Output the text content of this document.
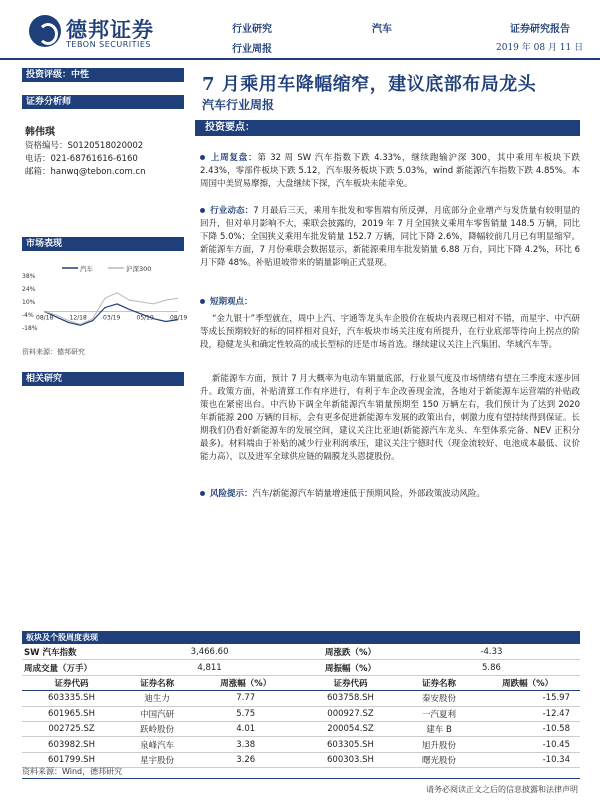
德邦证券
TEBON SECURITIES
行业研究
行业周报
汽车	证券研究报告
2019 年 08 月 11 日
投资评级：中性
证券分析师
韩伟琪
资格编号：S0120518020002
电话：021-68761616-6160
邮箱：hanwq@tebon.com.cn
市场表现
汽车	沪深300
38%
24%
10%
-4%
-18%
08/18	12/18	03/19	05/19	08/19
资料来源：德邦研究
相关研究
7 月乘用车降幅缩窄，建议底部布局龙头
汽车行业周报
投资要点：
上周复盘：第 32 周 SW 汽车指数下跌 4.33%，继续跑输沪深 300，其中乘用车板块下跌 2.43%，零部件板块下跌 5.12，汽车服务板块下跌 5.03%，wind 新能源汽车指数下跌 4.85%。本周国中美贸易摩擦，大盘继续下探，汽车板块未能幸免。
行业动态：7 月最后三天，乘用车批发和零售端有所反弹，月底部分企业增产与发货量有较明显的回升，但对单月影响不大，乘联会披露的，2019 年 7 月全国狭义乘用车零售销量 148.5 万辆，同比下降 5.0%；全国狭义乘用车批发销量 152.7 万辆，同比下降 2.6%，降幅较前几月已有明显缩窄。新能源车方面，7 月份乘联会数据显示，新能源乘用车批发销量 6.88 万台，同比下降 4.2%，环比 6 月下降 48%。补贴退坡带来的销量影响正式显现。
短期观点：
“金九银十”季型就在，周中上汽、宇通等龙头车企股价在板块内表现已相对不错，而星宇、中汽研等成长预期较好的标的同样相对良好，汽车板块市场关注度有所提升，在行业底部等待向上拐点的阶段，稳健龙头和确定性较高的成长型标的还是市场首选。继续建议关注上汽集团、华域汽车等。
新能源车方面，预计 7 月大概率为电动车销量底部，行业景气度及市场情绪有望在三季度末逐步回升。政策方面，补贴清算工作有序进行，有利于车企改善现金流，各地对于新能源车运营端的补贴政策也在紧密出台。中汽协下调全年新能源汽车销量预期至 150 万辆左右，我们预计为了达到 2020 年新能源 200 万辆的目标，会有更多促进新能源车发展的政策出台，刺激力度有望持续得到保证。长期我们仍看好新能源车的发展空间，建议关注比亚迪(新能源汽车龙头、车型体系完备、NEV 正积分最多)。材料端由于补贴的减少行业利润承压，建议关注宁德时代（现金流较好、电池成本最低、议价能力高），以及进军全球供应链的隔膜龙头恩捷股份。
风险提示：汽车/新能源汽车销量增速低于预期风险，外部政策波动风险。
板块及个股周度表现
SW 汽车指数	3,466.60		周涨跌（%）	-4.33	
周成交量（万手）	4,811		周振幅（%）	5.86	
证券代码	证券名称	周涨幅（%）	证券代码	证券名称	周跌幅（%）
603335.SH	迪生力	7.77	603758.SH	秦安股份	-15.97
601965.SH	中国汽研	5.75	000927.SZ	一汽夏利	-12.47
002725.SZ	跃岭股份	4.01	200054.SZ	建车 B	-10.58
603982.SH	泉峰汽车	3.38	603305.SH	旭升股份	-10.45
601799.SH	星宇股份	3.26	600303.SH	曙光股份	-10.34
资料来源：Wind，德邦研究
请务必阅读正文之后的信息披露和法律声明
